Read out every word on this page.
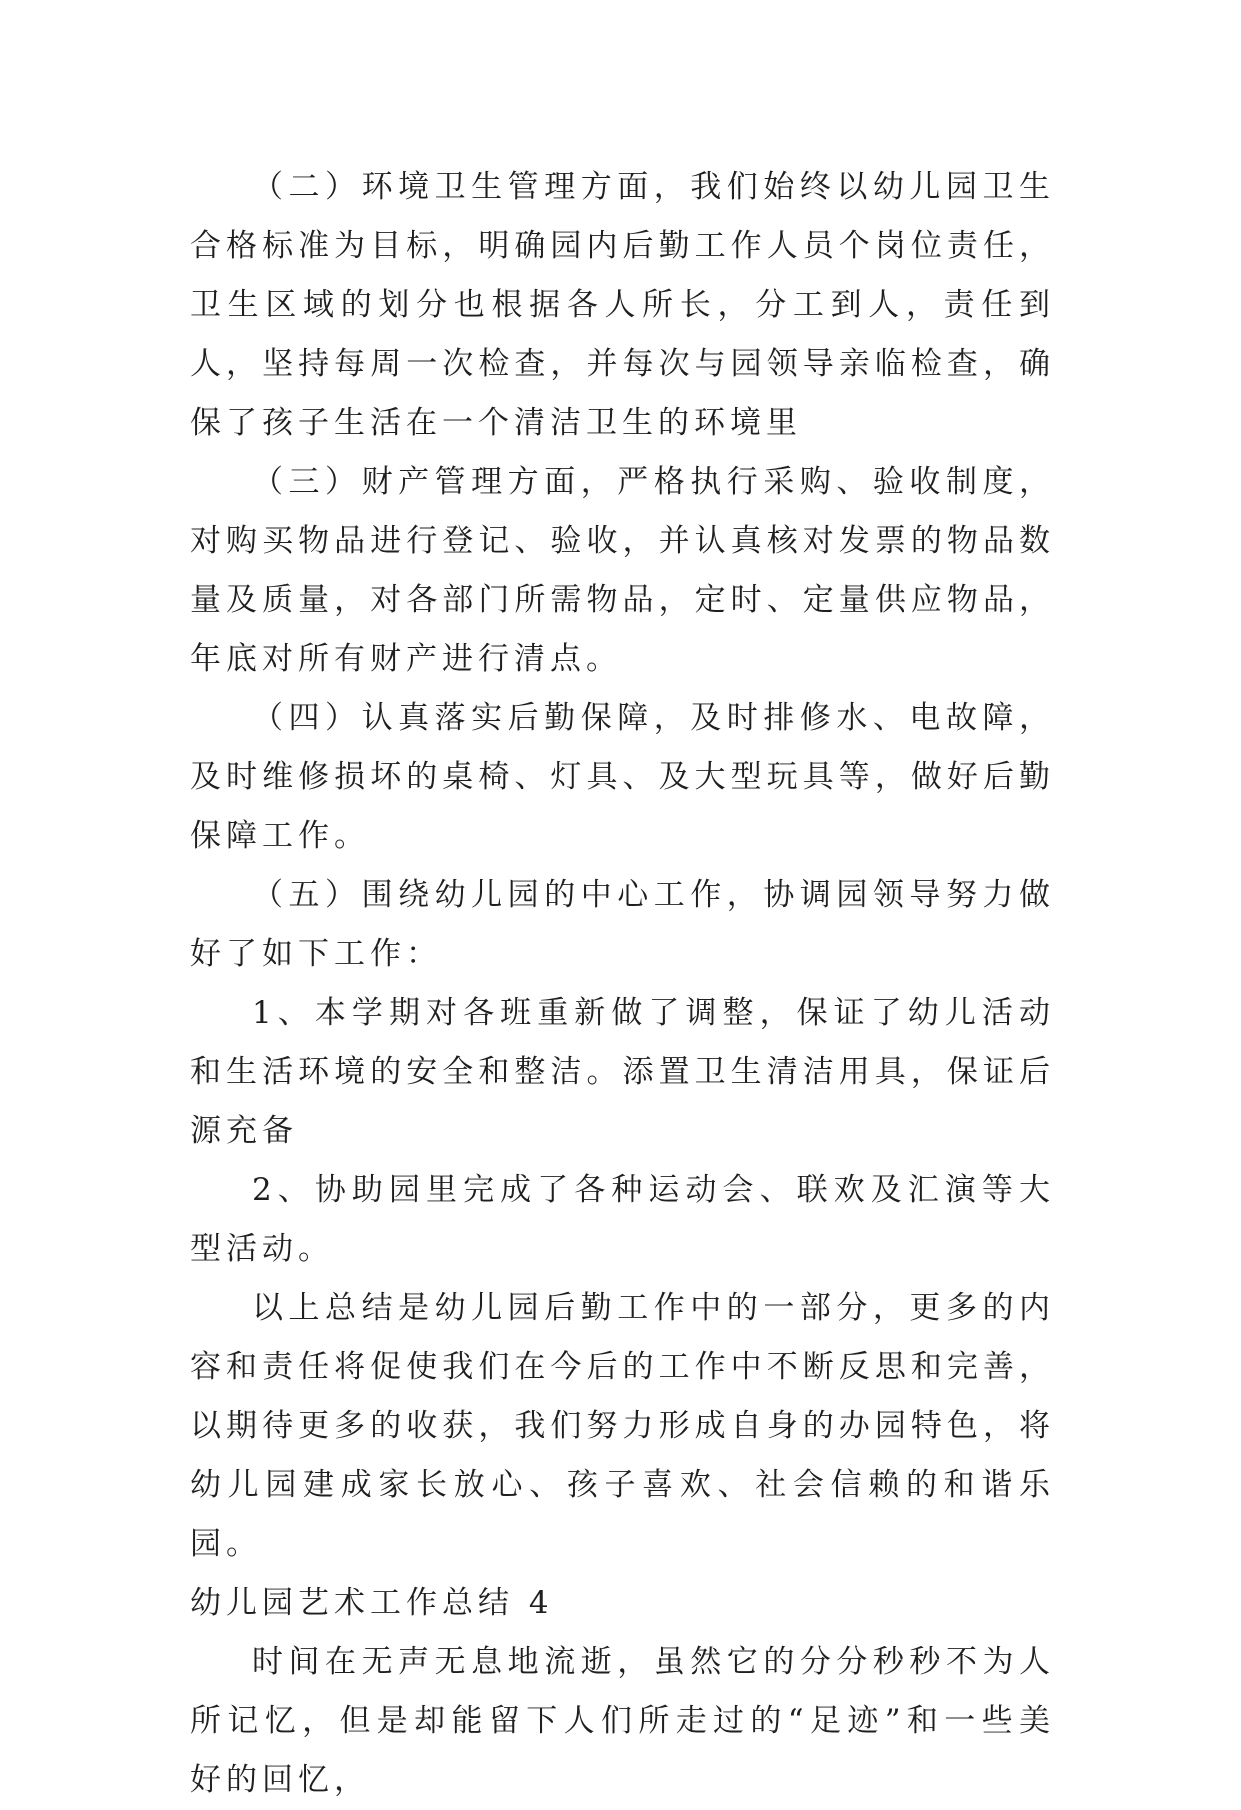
（二）环境卫生管理方面，我们始终以幼儿园卫生合格标准为目标，明确园内后勤工作人员个岗位责任，卫生区域的划分也根据各人所长，分工到人，责任到人，坚持每周一次检查，并每次与园领导亲临检查，确保了孩子生活在一个清洁卫生的环境里

（三）财产管理方面，严格执行采购、验收制度，对购买物品进行登记、验收，并认真核对发票的物品数量及质量，对各部门所需物品，定时、定量供应物品，年底对所有财产进行清点。

（四）认真落实后勤保障，及时排修水、电故障，及时维修损坏的桌椅、灯具、及大型玩具等，做好后勤保障工作。

（五）围绕幼儿园的中心工作，协调园领导努力做好了如下工作：

1、本学期对各班重新做了调整，保证了幼儿活动和生活环境的安全和整洁。添置卫生清洁用具，保证后源充备

2、协助园里完成了各种运动会、联欢及汇演等大型活动。

以上总结是幼儿园后勤工作中的一部分，更多的内容和责任将促使我们在今后的工作中不断反思和完善，以期待更多的收获，我们努力形成自身的办园特色，将幼儿园建成家长放心、孩子喜欢、社会信赖的和谐乐园。

幼儿园艺术工作总结 4

时间在无声无息地流逝，虽然它的分分秒秒不为人所记忆，但是却能留下人们所走过的“足迹”和一些美好的回忆，
